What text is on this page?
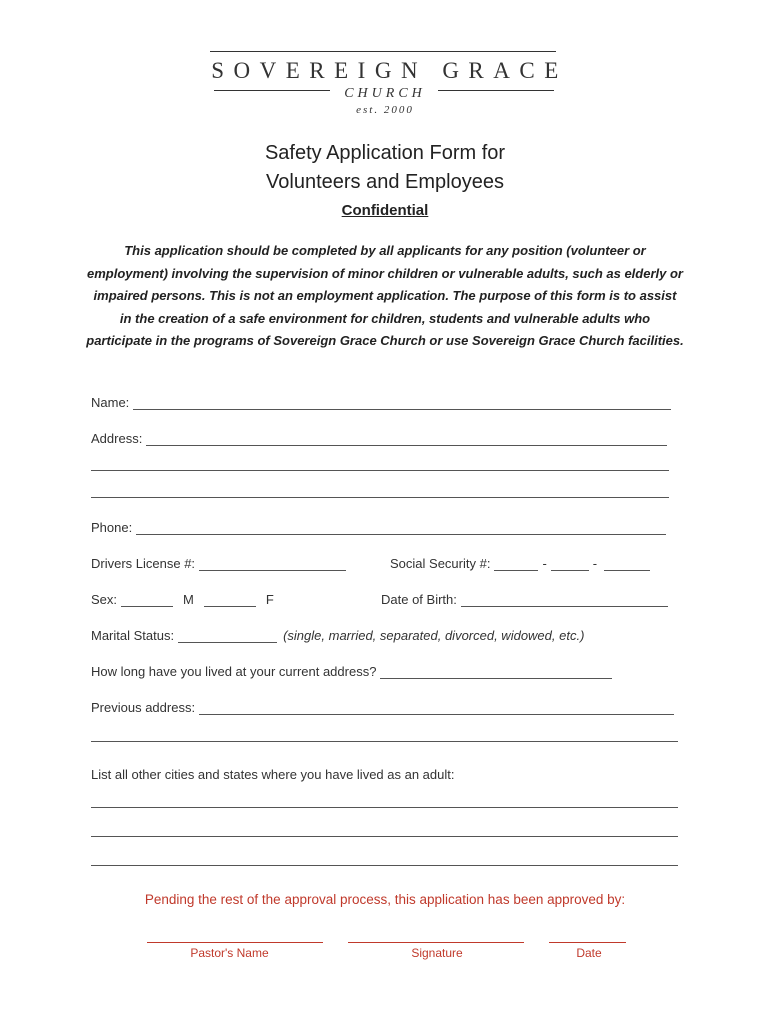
SOVEREIGN GRACE
CHURCH
est. 2000
Safety Application Form for
Volunteers and Employees
Confidential
This application should be completed by all applicants for any position (volunteer or employment) involving the supervision of minor children or vulnerable adults, such as elderly or impaired persons. This is not an employment application. The purpose of this form is to assist in the creation of a safe environment for children, students and vulnerable adults who participate in the programs of Sovereign Grace Church or use Sovereign Grace Church facilities.
Name:
Address:
Phone:
Drivers License #:	Social Security #:	-	-
Sex:	M	F	Date of Birth:
Marital Status:	(single, married, separated, divorced, widowed, etc.)
How long have you lived at your current address?
Previous address:
List all other cities and states where you have lived as an adult:
Pending the rest of the approval process, this application has been approved by:
Pastor's Name	Signature	Date
